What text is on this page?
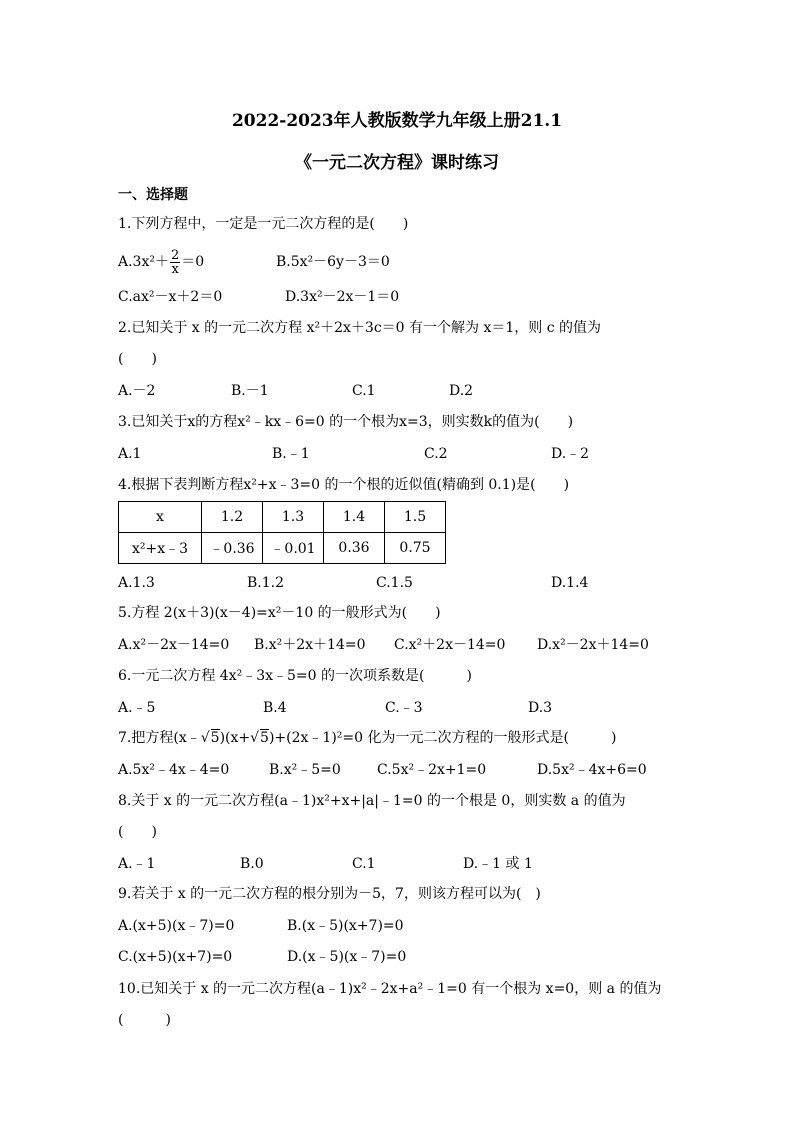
2022-2023年人教版数学九年级上册21.1
《一元二次方程》课时练习
一、选择题
1.下列方程中，一定是一元二次方程的是(　　)
$A.3x^2+ \frac{2}{x} =0$	B.5x²－6y－3＝0
C.ax²－x＋2＝0	D.3x²－2x－1＝0
2.已知关于 x 的一元二次方程 x²＋2x＋3c＝0 有一个解为 x＝1，则 c 的值为
(　　)
A.－2	B.－1	C.1	D.2
3.已知关于x的方程x²﹣kx﹣6=0 的一个根为x=3，则实数k的值为(　　)
A.1	B.﹣1	C.2	D.﹣2
4.根据下表判断方程x²+x﹣3=0 的一个根的近似值(精确到 0.1)是(　　)
x	1.2	1.3	1.4	1.5
x²+x﹣3	﹣0.36	﹣0.01	0.36	0.75
A.1.3	B.1.2	C.1.5	D.1.4
5.方程 2(x＋3)(x－4)=x²－10 的一般形式为(　　)
A.x²－2x－14=0 B.x²＋2x＋14=0 C.x²＋2x－14=0 D.x²－2x＋14=0
6.一元二次方程 4x²﹣3x﹣5=0 的一次项系数是(　　　)
A.﹣5	B.4	C.﹣3	D.3
7.把方程(x﹣√5)(x+√5)+(2x﹣1)²=0 化为一元二次方程的一般形式是(　　　)
A.5x²﹣4x﹣4=0	B.x²﹣5=0	C.5x²﹣2x+1=0	D.5x²﹣4x+6=0
8.关于 x 的一元二次方程(a﹣1)x²+x+|a|﹣1=0 的一个根是 0，则实数 a 的值为
(　　)
A.﹣1	B.0	C.1	D.﹣1 或 1
9.若关于 x 的一元二次方程的根分别为－5，7，则该方程可以为(　)
A.(x+5)(x﹣7)=0	B.(x﹣5)(x+7)=0
C.(x+5)(x+7)=0	D.(x﹣5)(x﹣7)=0
10.已知关于 x 的一元二次方程(a﹣1)x²﹣2x+a²﹣1=0 有一个根为 x=0，则 a 的值为
(　　　)
